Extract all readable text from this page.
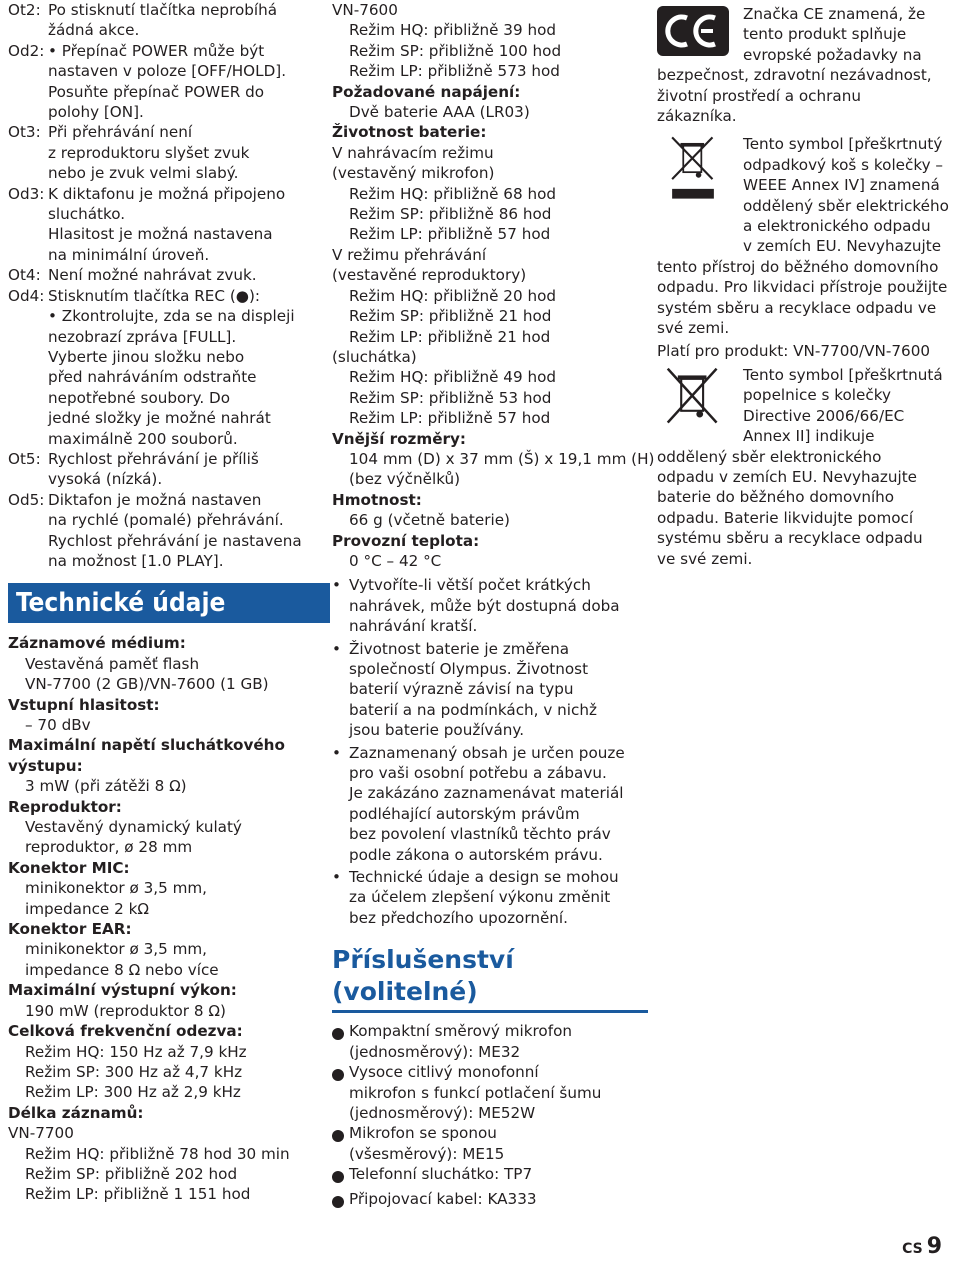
Ot2: Po stisknutí tlačítka neprobíhá
žádná akce.
Od2: • Přepínač POWER může být
nastaven v poloze [OFF/HOLD].
Posuňte přepínač POWER do
polohy [ON].
Ot3: Při přehrávání není
z reproduktoru slyšet zvuk
nebo je zvuk velmi slabý.
Od3: K diktafonu je možná připojeno
sluchátko.
Hlasitost je možná nastavena
na minimální úroveň.
Ot4: Není možné nahrávat zvuk.
Od4: Stisknutím tlačítka REC (●):
• Zkontrolujte, zda se na displeji
nezobrazí zpráva [FULL].
Vyberte jinou složku nebo
před nahráváním odstraňte
nepotřebné soubory. Do
jedné složky je možné nahrát
maximálně 200 souborů.
Ot5: Rychlost přehrávání je příliš
vysoká (nízká).
Od5: Diktafon je možná nastaven
na rychlé (pomalé) přehrávání.
Rychlost přehrávání je nastavena
na možnost [1.0 PLAY].
Technické údaje
Záznamové médium:
Vestavěná paměť flash
VN-7700 (2 GB)/VN-7600 (1 GB)
Vstupní hlasitost:
– 70 dBv
Maximální napětí sluchátkového
výstupu:
3 mW (při zátěži 8 Ω)
Reproduktor:
Vestavěný dynamický kulatý
reproduktor, ø 28 mm
Konektor MIC:
minikonektor ø 3,5 mm,
impedance 2 kΩ
Konektor EAR:
minikonektor ø 3,5 mm,
impedance 8 Ω nebo více
Maximální výstupní výkon:
190 mW (reproduktor 8 Ω)
Celková frekvenční odezva:
Režim HQ: 150 Hz až 7,9 kHz
Režim SP: 300 Hz až 4,7 kHz
Režim LP: 300 Hz až 2,9 kHz
Délka záznamů:
VN-7700
Režim HQ: přibližně 78 hod 30 min
Režim SP: přibližně 202 hod
Režim LP: přibližně 1 151 hod
VN-7600
Režim HQ: přibližně 39 hod
Režim SP: přibližně 100 hod
Režim LP: přibližně 573 hod
Požadované napájení:
Dvě baterie AAA (LR03)
Životnost baterie:
V nahrávacím režimu
(vestavěný mikrofon)
Režim HQ: přibližně 68 hod
Režim SP: přibližně 86 hod
Režim LP: přibližně 57 hod
V režimu přehrávání
(vestavěné reproduktory)
Režim HQ: přibližně 20 hod
Režim SP: přibližně 21 hod
Režim LP: přibližně 21 hod
(sluchátka)
Režim HQ: přibližně 49 hod
Režim SP: přibližně 53 hod
Režim LP: přibližně 57 hod
Vnější rozměry:
104 mm (D) x 37 mm (Š) x 19,1 mm (H)
(bez výčnělků)
Hmotnost:
66 g (včetně baterie)
Provozní teplota:
0 °C – 42 °C
• Vytvoříte-li větší počet krátkých
nahrávek, může být dostupná doba
nahrávání kratší.
• Životnost baterie je změřena
společností Olympus. Životnost
baterií výrazně závisí na typu
baterií a na podmínkách, v nichž
jsou baterie používány.
• Zaznamenaný obsah je určen pouze
pro vaši osobní potřebu a zábavu.
Je zakázáno zaznamenávat materiál
podléhající autorským právům
bez povolení vlastníků těchto práv
podle zákona o autorském právu.
• Technické údaje a design se mohou
za účelem zlepšení výkonu změnit
bez předchozího upozornění.
Příslušenství (volitelné)
Kompaktní směrový mikrofon
(jednosměrový): ME32
Vysoce citlivý monofonní
mikrofon s funkcí potlačení šumu
(jednosměrový): ME52W
Mikrofon se sponou
(všesměrový): ME15
Telefonní sluchátko: TP7
Připojovací kabel: KA333
Značka CE znamená, že
tento produkt splňuje
evropské požadavky na
bezpečnost, zdravotní nezávadnost,
životní prostředí a ochranu
zákazníka.
Tento symbol [přeškrtnutý
odpadkový koš s kolečky –
WEEE Annex IV] znamená
oddělený sběr elektrického
a elektronického odpadu
v zemích EU. Nevyhazujte
tento přístroj do běžného domovního
odpadu. Pro likvidaci přístroje použijte
systém sběru a recyklace odpadu ve
své zemi.
Platí pro produkt: VN-7700/VN-7600
Tento symbol [přeškrtnutá
popelnice s kolečky
Directive 2006/66/EC
Annex II] indikuje
oddělený sběr elektronického
odpadu v zemích EU. Nevyhazujte
baterie do běžného domovního
odpadu. Baterie likvidujte pomocí
systému sběru a recyklace odpadu
ve své zemi.
CS 9
